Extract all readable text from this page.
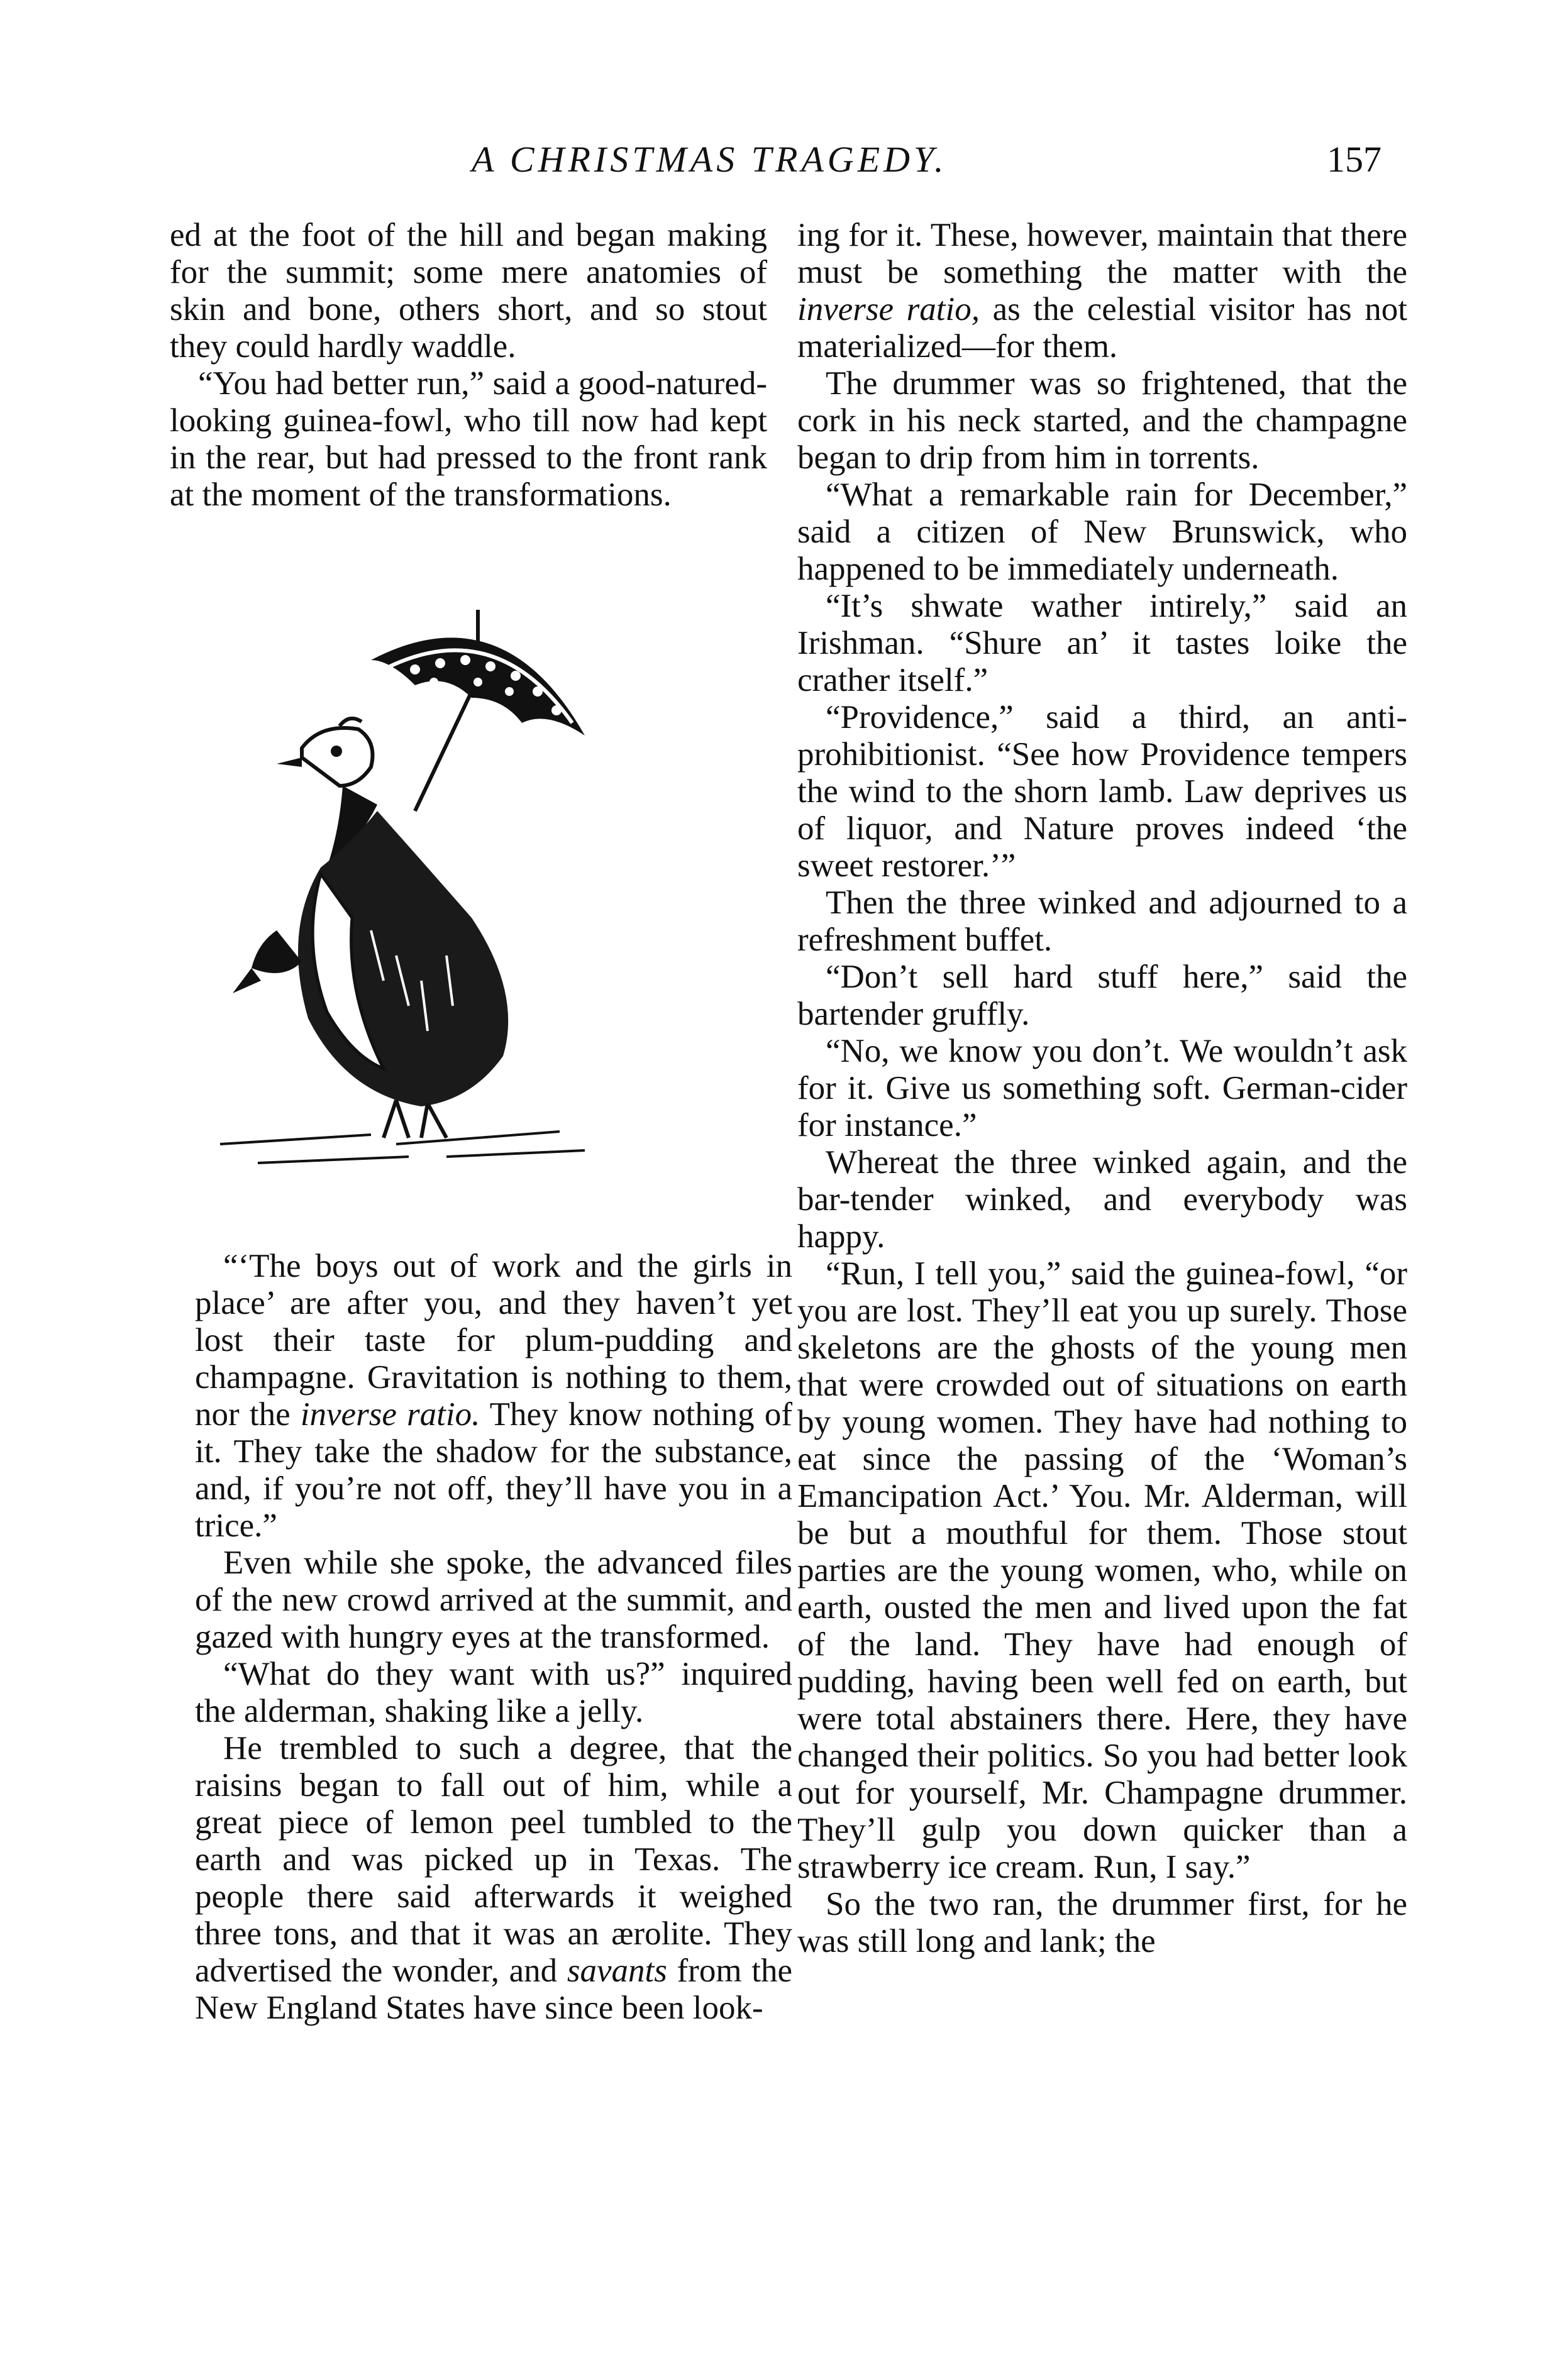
A CHRISTMAS TRAGEDY.	157

ed at the foot of the hill and began making for the summit; some mere anatomies of skin and bone, others short, and so stout they could hardly waddle.

“You had better run,” said a good-natured-looking guinea-fowl, who till now had kept in the rear, but had pressed to the front rank at the moment of the transformations.

“‘The boys out of work and the girls in place’ are after you, and they haven’t yet lost their taste for plum-pudding and champagne. Gravitation is nothing to them, nor the inverse ratio. They know nothing of it. They take the shadow for the substance, and, if you’re not off, they’ll have you in a trice.”

Even while she spoke, the advanced files of the new crowd arrived at the summit, and gazed with hungry eyes at the transformed.

“What do they want with us?” inquired the alderman, shaking like a jelly.

He trembled to such a degree, that the raisins began to fall out of him, while a great piece of lemon peel tumbled to the earth and was picked up in Texas. The people there said afterwards it weighed three tons, and that it was an ærolite. They advertised the wonder, and savants from the New England States have since been look-

ing for it. These, however, maintain that there must be something the matter with the inverse ratio, as the celestial visitor has not materialized—for them.

The drummer was so frightened, that the cork in his neck started, and the champagne began to drip from him in torrents.

“What a remarkable rain for December,” said a citizen of New Brunswick, who happened to be immediately underneath.

“It’s shwate wather intirely,” said an Irishman. “Shure an’ it tastes loike the crather itself.”

“Providence,” said a third, an anti-prohibitionist. “See how Providence tempers the wind to the shorn lamb. Law deprives us of liquor, and Nature proves indeed ‘the sweet restorer.’”

Then the three winked and adjourned to a refreshment buffet.

“Don’t sell hard stuff here,” said the bartender gruffly.

“No, we know you don’t. We wouldn’t ask for it. Give us something soft. German-cider for instance.”

Whereat the three winked again, and the bar-tender winked, and everybody was happy.

“Run, I tell you,” said the guinea-fowl, “or you are lost. They’ll eat you up surely. Those skeletons are the ghosts of the young men that were crowded out of situations on earth by young women. They have had nothing to eat since the passing of the ‘Woman’s Emancipation Act.’ You. Mr. Alderman, will be but a mouthful for them. Those stout parties are the young women, who, while on earth, ousted the men and lived upon the fat of the land. They have had enough of pudding, having been well fed on earth, but were total abstainers there. Here, they have changed their politics. So you had better look out for yourself, Mr. Champagne drummer. They’ll gulp you down quicker than a strawberry ice cream. Run, I say.”

So the two ran, the drummer first, for he was still long and lank; the
